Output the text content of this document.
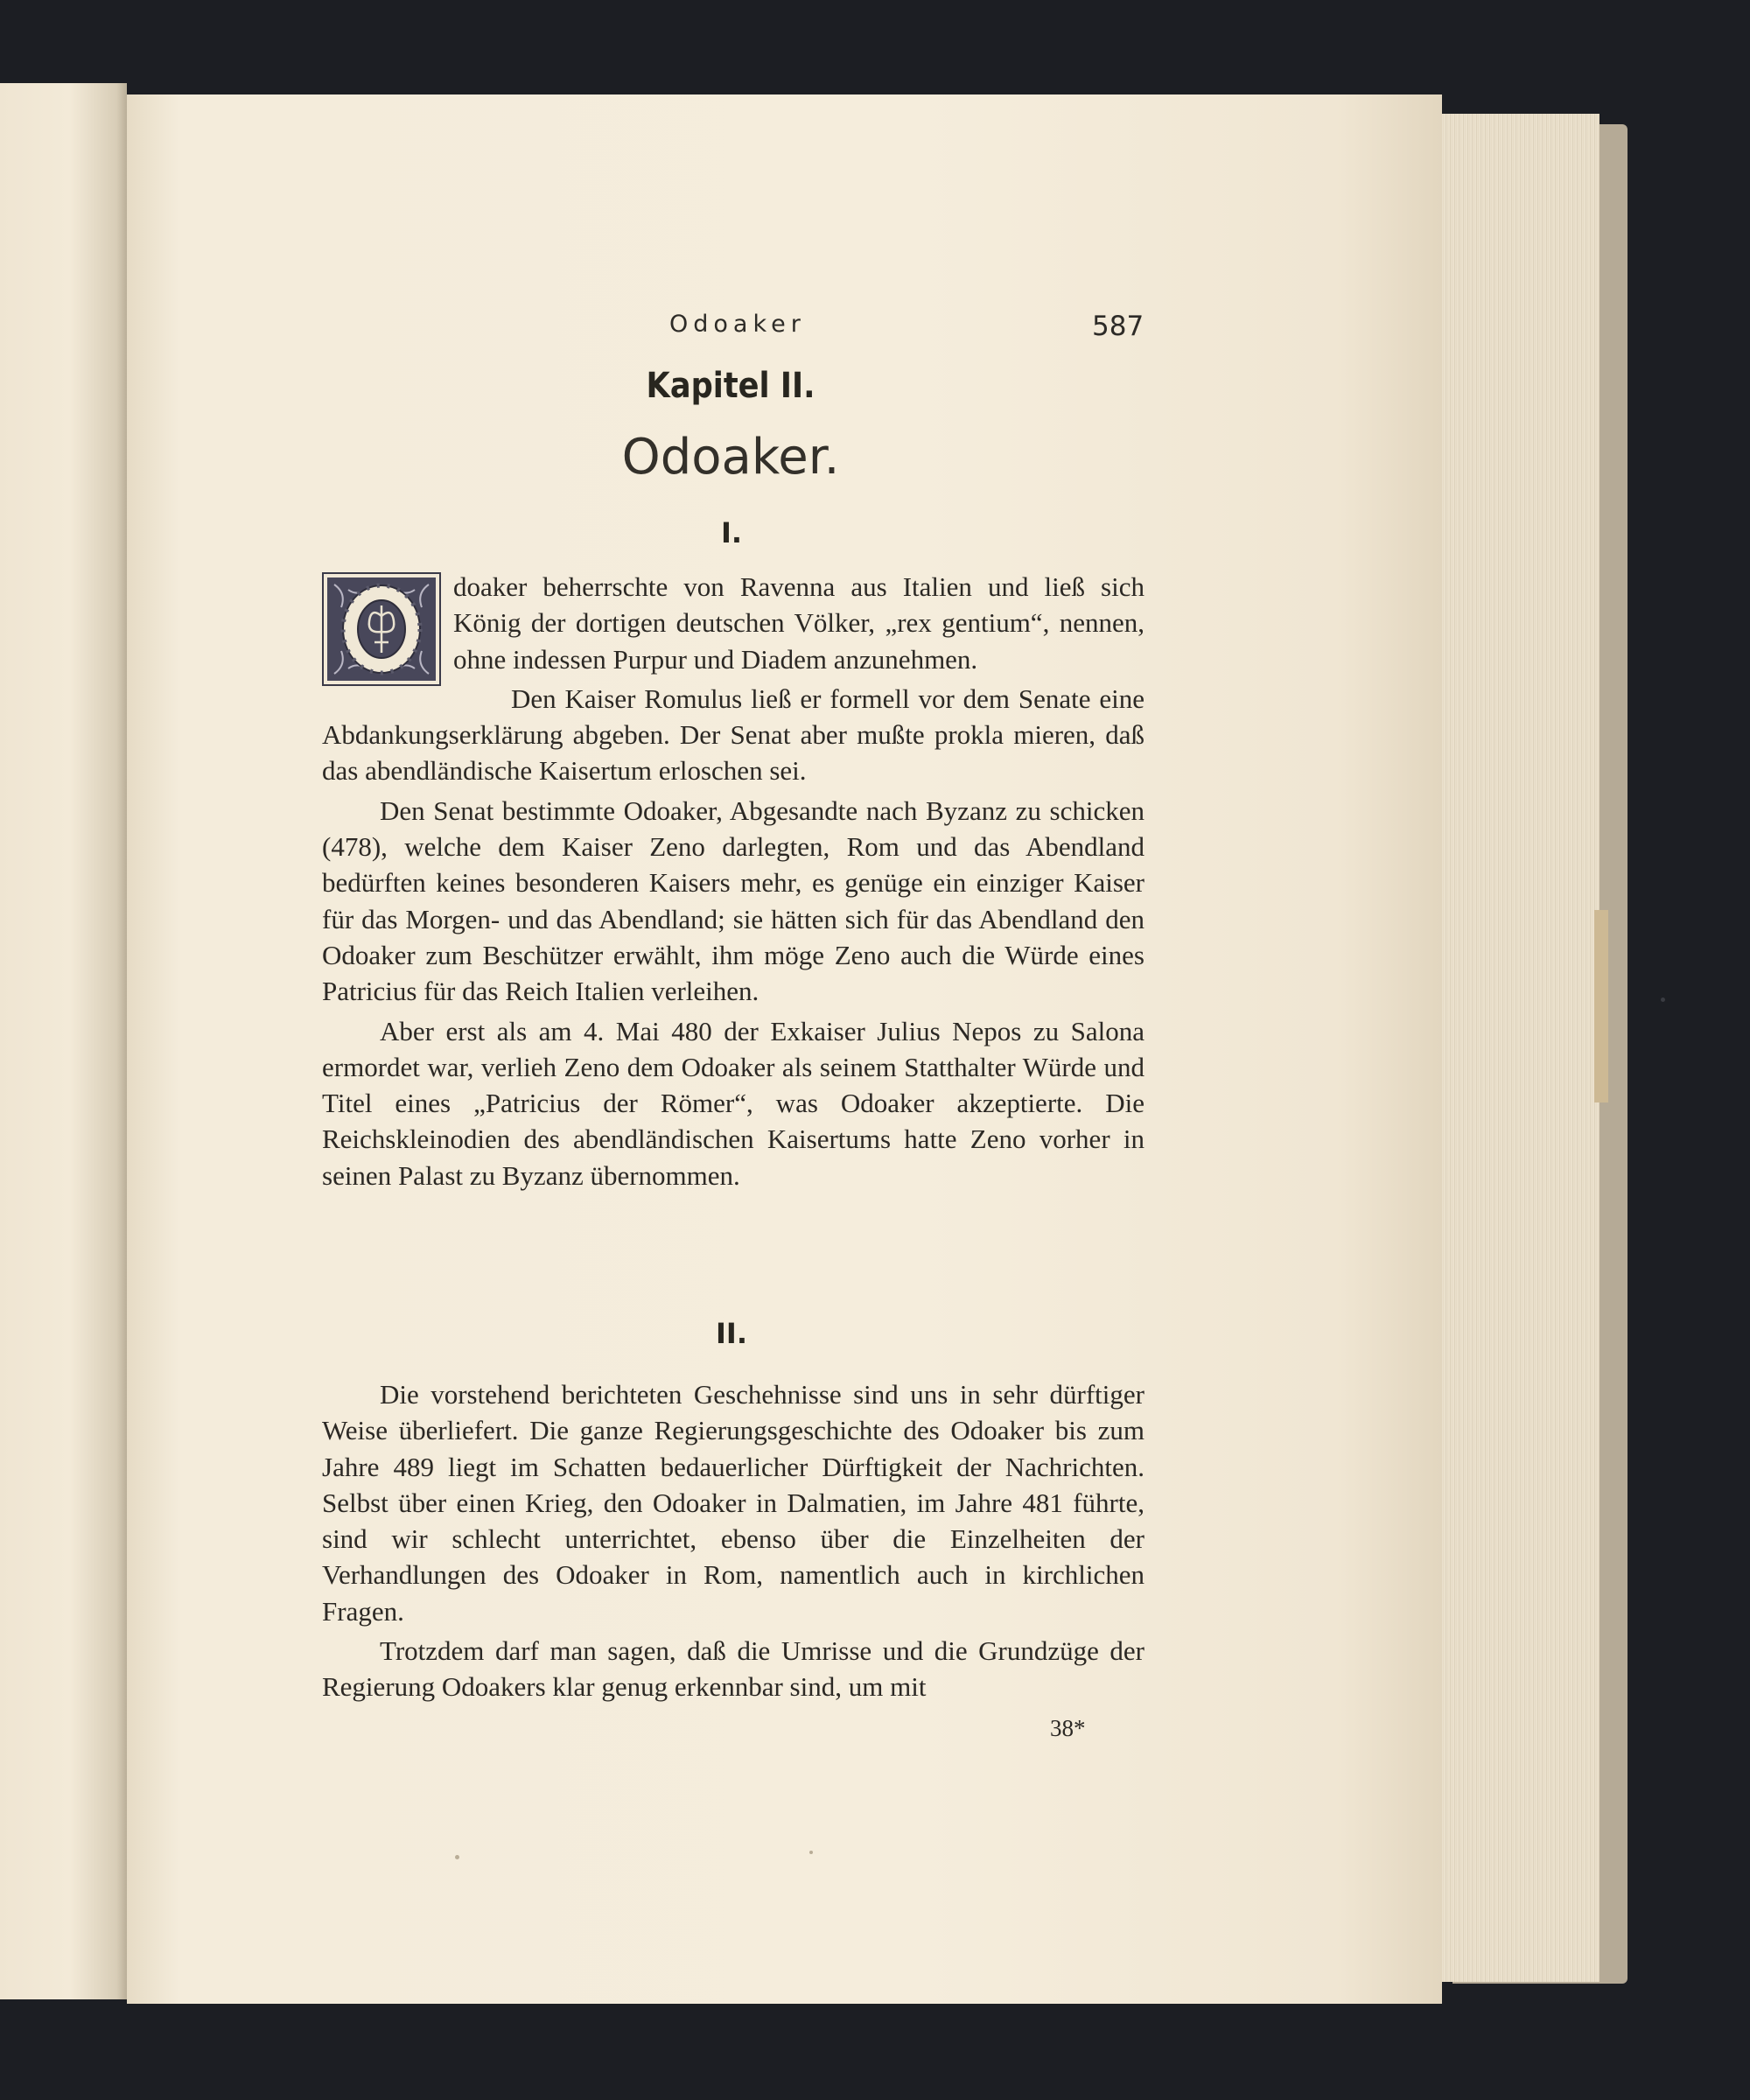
Odoaker	587
Kapitel II.
Odoaker.
I.

doaker beherrschte von Ravenna aus Italien und ließ sich König der dortigen deutschen Völker, „rex gentium“, nennen, ohne indessen Purpur und Diadem anzunehmen.

Den Kaiser Romulus ließ er formell vor dem Senate eine Abdankungserklärung abgeben. Der Senat aber mußte prokla mieren, daß das abendländische Kaisertum erloschen sei.

Den Senat bestimmte Odoaker, Abgesandte nach Byzanz zu schicken (478), welche dem Kaiser Zeno darlegten, Rom und das Abendland bedürften keines besonderen Kaisers mehr, es genüge ein einziger Kaiser für das Morgen- und das Abendland; sie hätten sich für das Abendland den Odoaker zum Beschützer erwählt, ihm möge Zeno auch die Würde eines Patricius für das Reich Italien verleihen.

Aber erst als am 4. Mai 480 der Exkaiser Julius Nepos zu Salona ermordet war, verlieh Zeno dem Odoaker als seinem Statthalter Würde und Titel eines „Patricius der Römer“, was Odoaker akzeptierte. Die Reichskleinodien des abendländischen Kaisertums hatte Zeno vorher in seinen Palast zu Byzanz übernommen.

II.

Die vorstehend berichteten Geschehnisse sind uns in sehr dürftiger Weise überliefert. Die ganze Regierungsgeschichte des Odoaker bis zum Jahre 489 liegt im Schatten bedauerlicher Dürftigkeit der Nachrichten. Selbst über einen Krieg, den Odoaker in Dalmatien, im Jahre 481 führte, sind wir schlecht unterrichtet, ebenso über die Einzelheiten der Verhandlungen des Odoaker in Rom, namentlich auch in kirchlichen Fragen.

Trotzdem darf man sagen, daß die Umrisse und die Grundzüge der Regierung Odoakers klar genug erkennbar sind, um mit

38*
